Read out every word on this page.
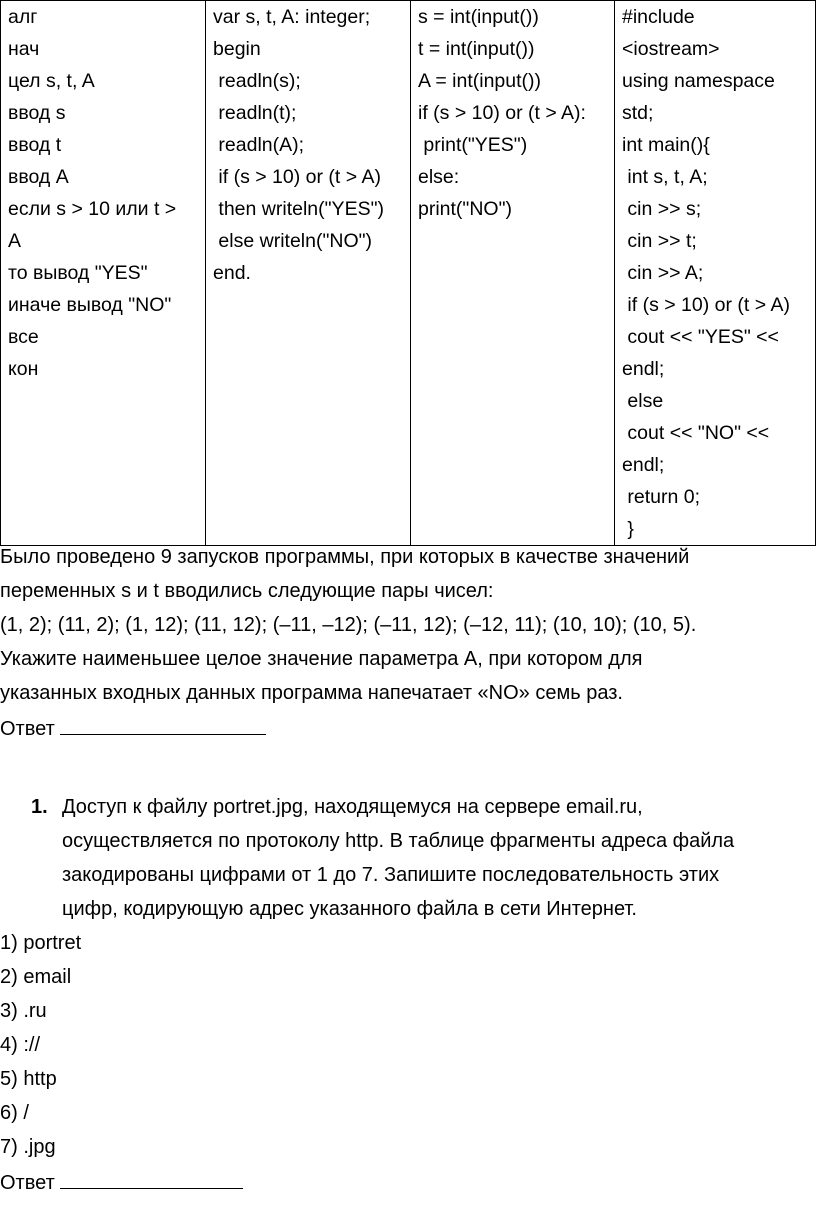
алг
нач
цел s, t, A
ввод s
ввод t
ввод A
если s > 10 или t >
A
то вывод "YES"
иначе вывод "NO"
все
кон

var s, t, A: integer;
begin
readln(s);
readln(t);
readln(A);
if (s > 10) or (t > A)
then writeln("YES")
else writeln("NO")
end.

s = int(input())
t = int(input())
A = int(input())
if (s > 10) or (t > A):
print("YES")
else:
print("NO")

#include
<iostream>
using namespace
std;
int main(){
int s, t, A;
cin >> s;
cin >> t;
cin >> A;
if (s > 10) or (t > A)
cout << "YES" <<
endl;
else
cout << "NO" <<
endl;
return 0;
}

Было проведено 9 запусков программы, при которых в качестве значений

переменных s и t вводились следующие пары чисел:

(1, 2); (11, 2); (1, 12); (11, 12); (–11, –12); (–11, 12); (–12, 11); (10, 10); (10, 5).

Укажите наименьшее целое значение параметра А, при котором для

указанных входных данных программа напечатает «NO» семь раз.

Ответ

1. Доступ к файлу portret.jpg, находящемуся на сервере email.ru,

осуществляется по протоколу http. В таблице фрагменты адреса файла

закодированы цифрами от 1 до 7. Запишите последовательность этих

цифр, кодирующую адрес указанного файла в сети Интернет.

1) portret

2) email

3) .ru

4) ://

5) http

6) /

7) .jpg

Ответ
